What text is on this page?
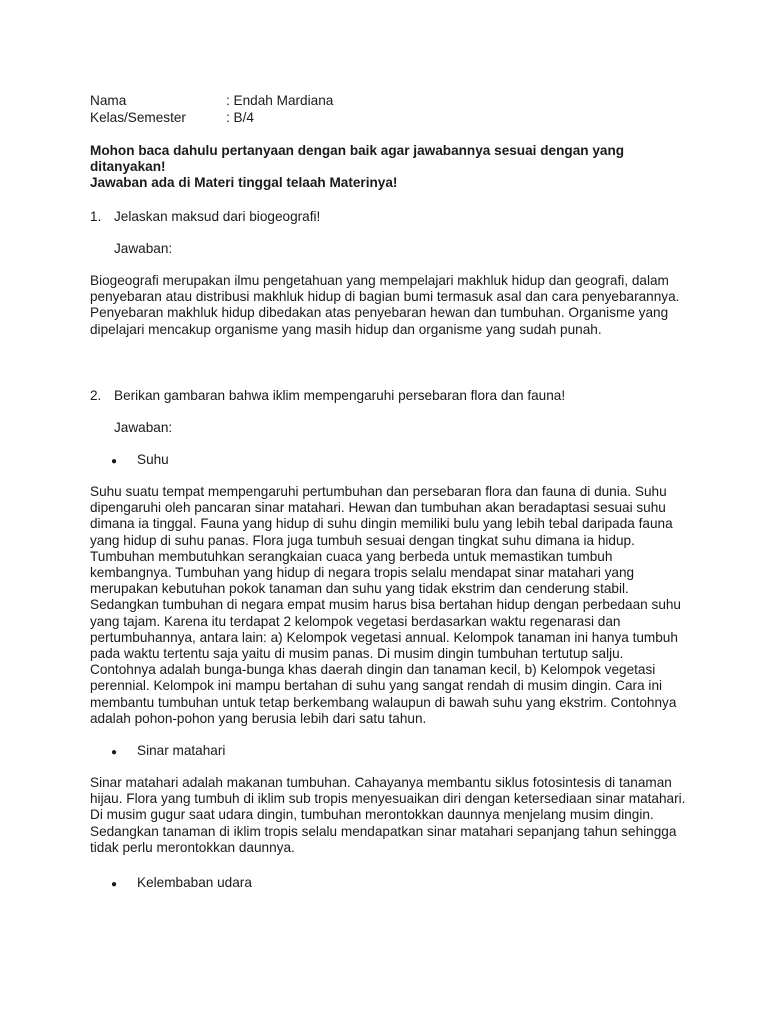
Nama	: Endah Mardiana
Kelas/Semester	: B/4
Mohon baca dahulu pertanyaan dengan baik agar jawabannya sesuai dengan yang ditanyakan!
Jawaban ada di Materi tinggal telaah Materinya!
1. Jelaskan maksud dari biogeografi!
Jawaban:

Biogeografi merupakan ilmu pengetahuan yang mempelajari makhluk hidup dan geografi, dalam penyebaran atau distribusi makhluk hidup di bagian bumi termasuk asal dan cara penyebarannya. Penyebaran makhluk hidup dibedakan atas penyebaran hewan dan tumbuhan. Organisme yang dipelajari mencakup organisme yang masih hidup dan organisme yang sudah punah.

2. Berikan gambaran bahwa iklim mempengaruhi persebaran flora dan fauna!
Jawaban:
●	Suhu

Suhu suatu tempat mempengaruhi pertumbuhan dan persebaran flora dan fauna di dunia. Suhu dipengaruhi oleh pancaran sinar matahari. Hewan dan tumbuhan akan beradaptasi sesuai suhu dimana ia tinggal. Fauna yang hidup di suhu dingin memiliki bulu yang lebih tebal daripada fauna yang hidup di suhu panas. Flora juga tumbuh sesuai dengan tingkat suhu dimana ia hidup. Tumbuhan membutuhkan serangkaian cuaca yang berbeda untuk memastikan tumbuh kembangnya. Tumbuhan yang hidup di negara tropis selalu mendapat sinar matahari yang merupakan kebutuhan pokok tanaman dan suhu yang tidak ekstrim dan cenderung stabil. Sedangkan tumbuhan di negara empat musim harus bisa bertahan hidup dengan perbedaan suhu yang tajam. Karena itu terdapat 2 kelompok vegetasi berdasarkan waktu regenarasi dan pertumbuhannya, antara lain: a) Kelompok vegetasi annual. Kelompok tanaman ini hanya tumbuh pada waktu tertentu saja yaitu di musim panas. Di musim dingin tumbuhan tertutup salju. Contohnya adalah bunga-bunga khas daerah dingin dan tanaman kecil, b) Kelompok vegetasi perennial. Kelompok ini mampu bertahan di suhu yang sangat rendah di musim dingin. Cara ini membantu tumbuhan untuk tetap berkembang walaupun di bawah suhu yang ekstrim. Contohnya adalah pohon-pohon yang berusia lebih dari satu tahun.

●	Sinar matahari

Sinar matahari adalah makanan tumbuhan. Cahayanya membantu siklus fotosintesis di tanaman hijau. Flora yang tumbuh di iklim sub tropis menyesuaikan diri dengan ketersediaan sinar matahari. Di musim gugur saat udara dingin, tumbuhan merontokkan daunnya menjelang musim dingin. Sedangkan tanaman di iklim tropis selalu mendapatkan sinar matahari sepanjang tahun sehingga tidak perlu merontokkan daunnya.

●	Kelembaban udara
